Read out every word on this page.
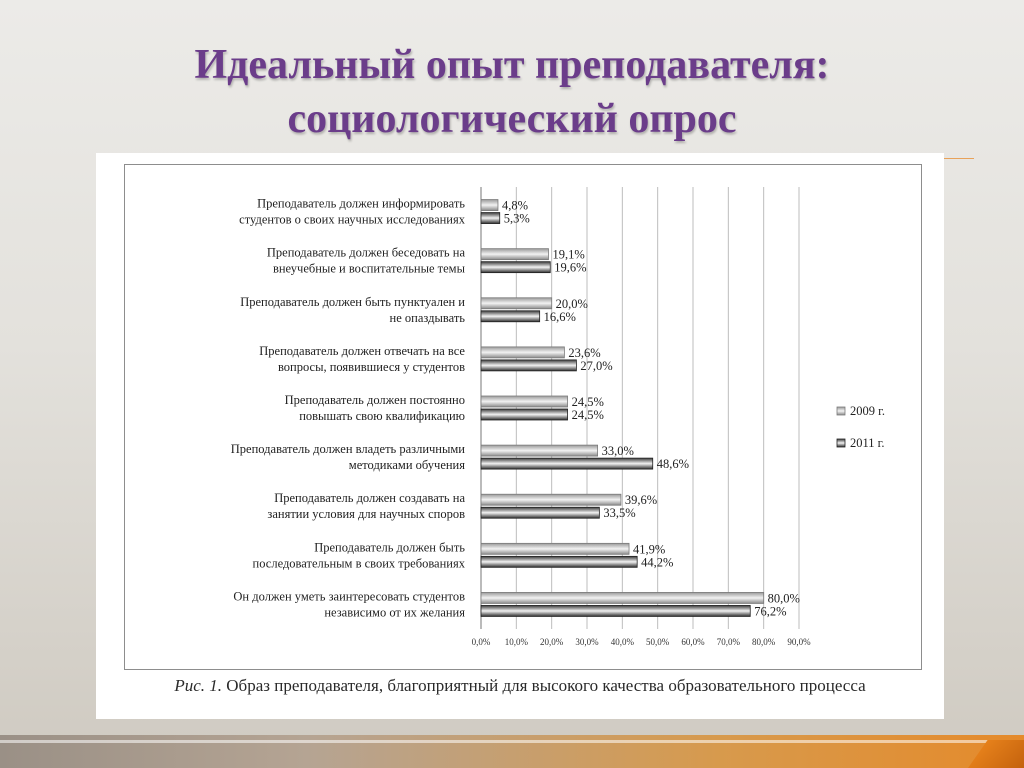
Идеальный опыт преподавателя:
социологический опрос
0,0% 10,0% 20,0% 30,0% 40,0% 50,0% 60,0% 70,0% 80,0% 90,0%
Преподаватель должен информировать
студентов о своих научных исследованиях
4,8%
5,3%
Преподаватель должен беседовать на
внеучебные и воспитательные темы
19,1%
19,6%
Преподаватель должен быть пунктуален и
не опаздывать
20,0%
16,6%
Преподаватель должен отвечать на все
вопросы, появившиеся у студентов
23,6%
27,0%
Преподаватель должен постоянно
повышать свою квалификацию
24,5%
24,5%
Преподаватель должен владеть различными
методиками обучения
33,0%
48,6%
Преподаватель должен создавать на
занятии условия для научных споров
39,6%
33,5%
Преподаватель должен быть
последовательным в своих требованиях
41,9%
44,2%
Он должен уметь заинтересовать студентов
независимо от их желания
80,0%
76,2%
2009 г.
2011 г.
Рис. 1. Образ преподавателя, благоприятный для высокого качества образовательного процесса
